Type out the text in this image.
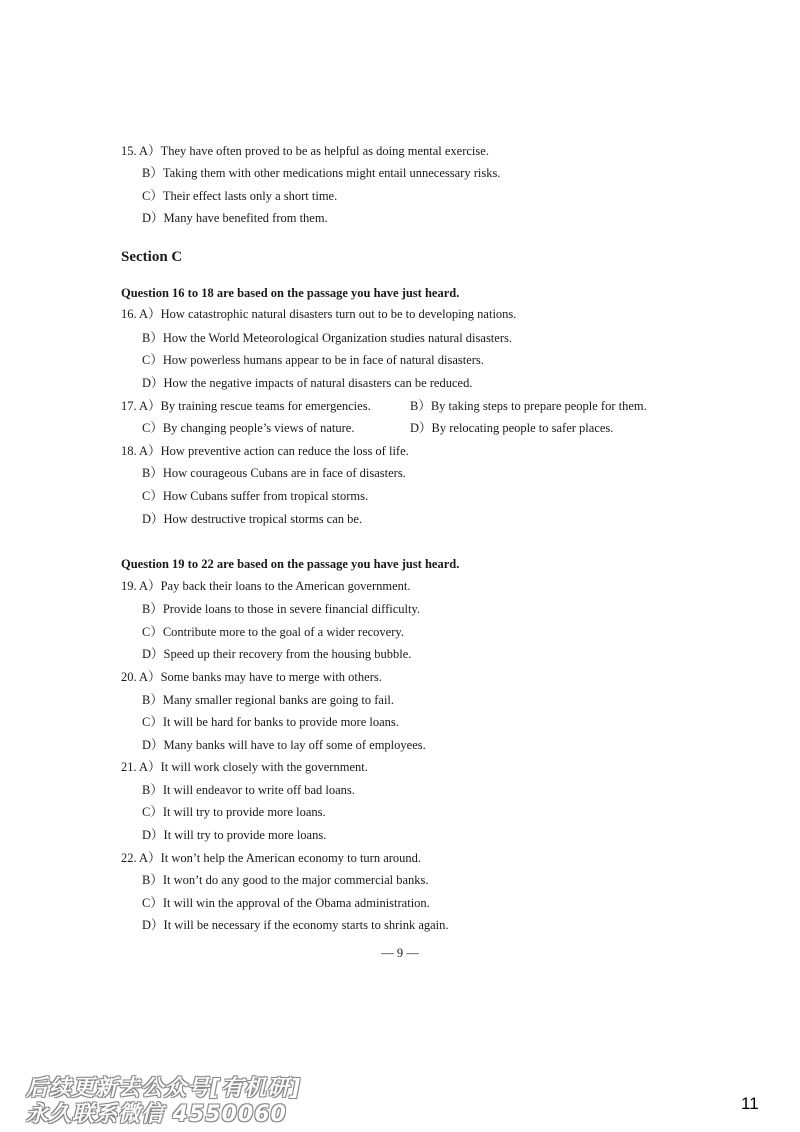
15. A）They have often proved to be as helpful as doing mental exercise.
B）Taking them with other medications might entail unnecessary risks.
C）Their effect lasts only a short time.
D）Many have benefited from them.
Section C
Question 16 to 18 are based on the passage you have just heard.
16. A）How catastrophic natural disasters turn out to be to developing nations.
B）How the World Meteorological Organization studies natural disasters.
C）How powerless humans appear to be in face of natural disasters.
D）How the negative impacts of natural disasters can be reduced.
17. A）By training rescue teams for emergencies.	B）By taking steps to prepare people for them.
C）By changing people’s views of nature.	D）By relocating people to safer places.
18. A）How preventive action can reduce the loss of life.
B）How courageous Cubans are in face of disasters.
C）How Cubans suffer from tropical storms.
D）How destructive tropical storms can be.
Question 19 to 22 are based on the passage you have just heard.
19. A）Pay back their loans to the American government.
B）Provide loans to those in severe financial difficulty.
C）Contribute more to the goal of a wider recovery.
D）Speed up their recovery from the housing bubble.
20. A）Some banks may have to merge with others.
B）Many smaller regional banks are going to fail.
C）It will be hard for banks to provide more loans.
D）Many banks will have to lay off some of employees.
21. A）It will work closely with the government.
B）It will endeavor to write off bad loans.
C）It will try to provide more loans.
D）It will try to provide more loans.
22. A）It won’t help the American economy to turn around.
B）It won’t do any good to the major commercial banks.
C）It will win the approval of the Obama administration.
D）It will be necessary if the economy starts to shrink again.
— 9 —
后续更新去公众号[有机研]
永久联系微信 4550060	11
